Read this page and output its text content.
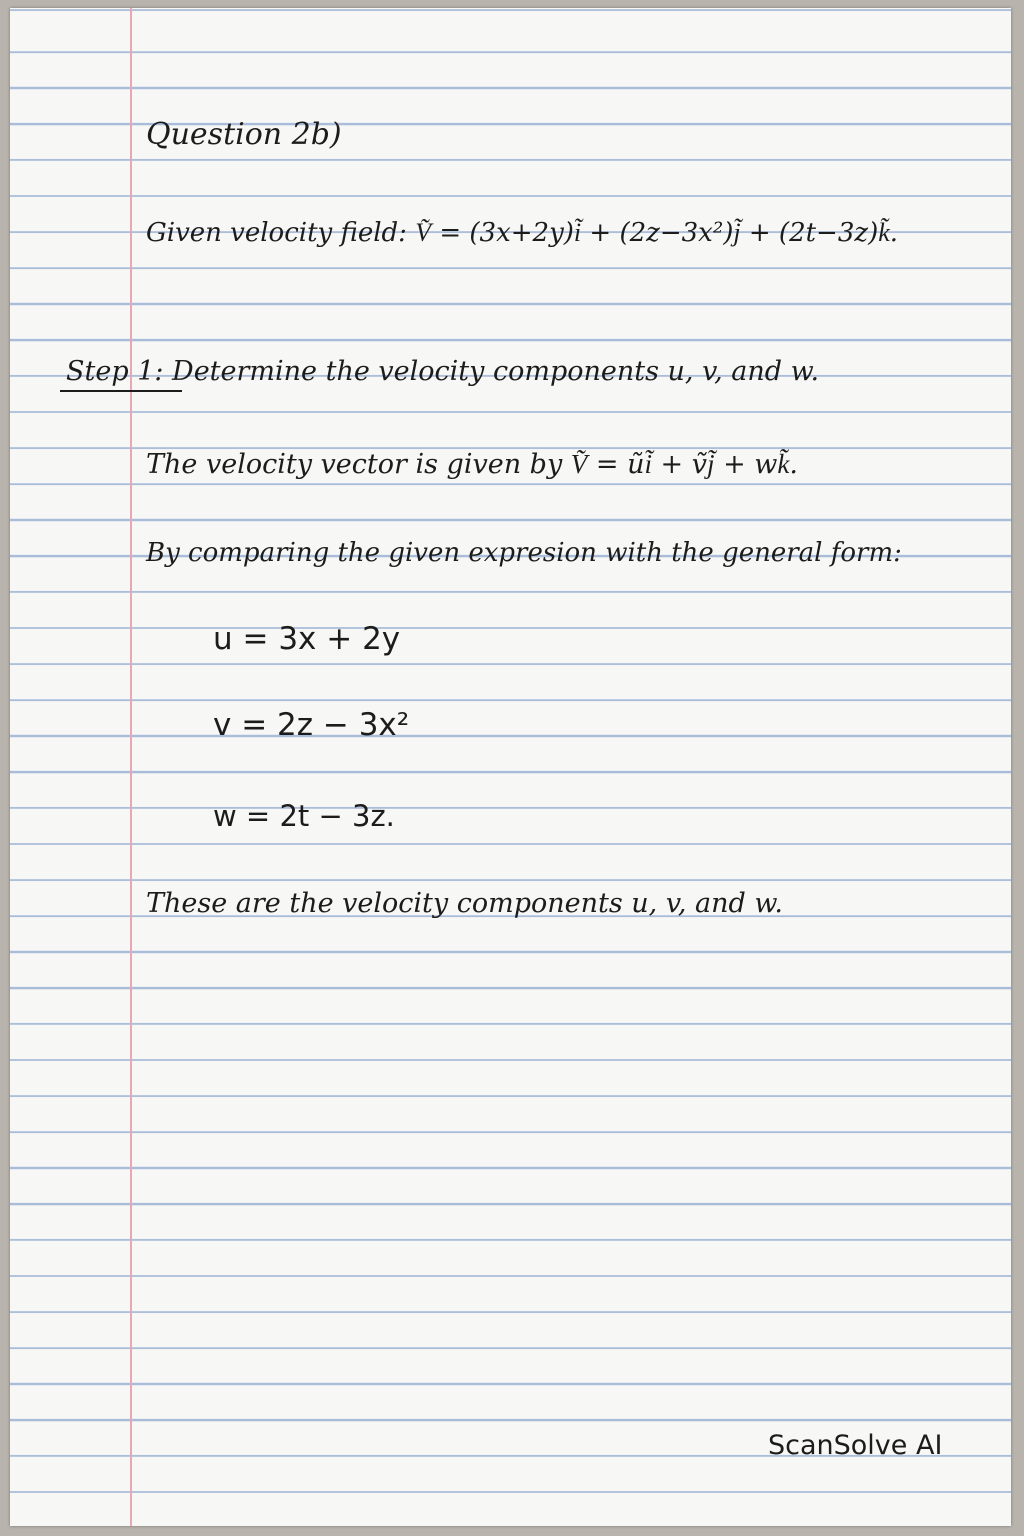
Question 2b)
Given velocity field: V͂ = (3x+2y)i͂ + (2z−3x²)j͂ + (2t−3z)k͂.
Step 1: Determine the velocity components u, v, and w.
The velocity vector is given by V͂ = ũi͂ + ṽj͂ + wk͂.
By comparing the given expresion with the general form:
u = 3x + 2y
v = 2z − 3x²
w = 2t − 3z.
These are the velocity components u, v, and w.
ScanSolve AI
